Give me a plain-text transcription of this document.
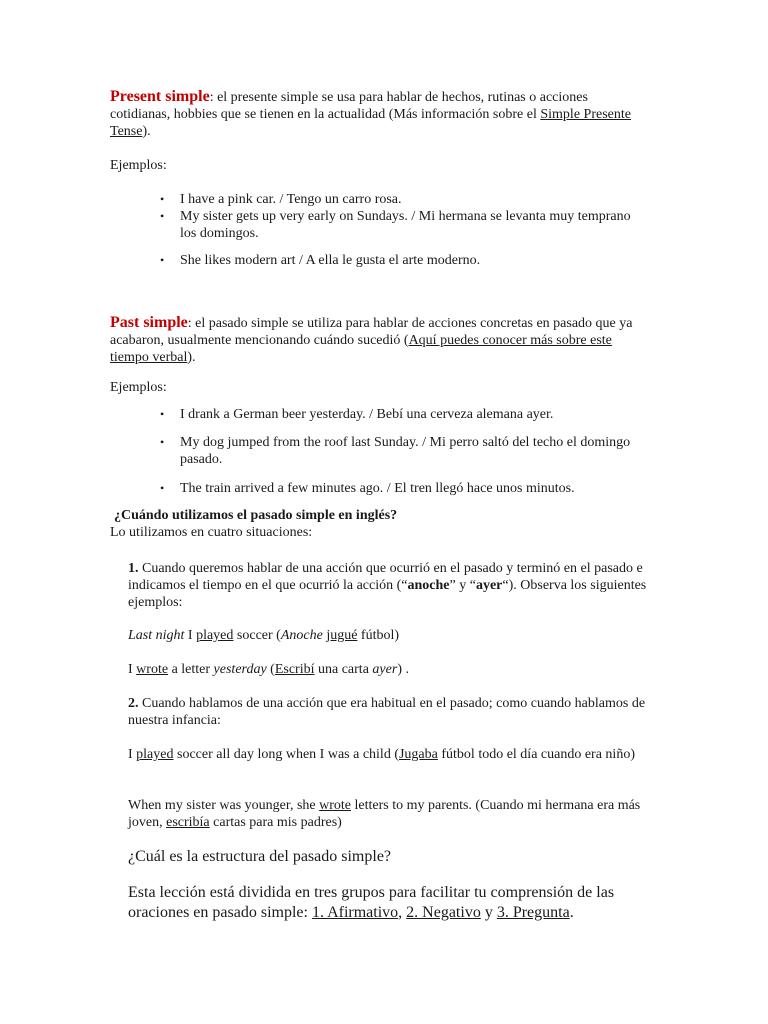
Present simple: el presente simple se usa para hablar de hechos, rutinas o acciones cotidianas, hobbies que se tienen en la actualidad (Más información sobre el Simple Presente Tense).

Ejemplos:

• I have a pink car. / Tengo un carro rosa.
• My sister gets up very early on Sundays. / Mi hermana se levanta muy temprano los domingos.
• She likes modern art / A ella le gusta el arte moderno.

Past simple: el pasado simple se utiliza para hablar de acciones concretas en pasado que ya acabaron, usualmente mencionando cuándo sucedió (Aquí puedes conocer más sobre este tiempo verbal).

Ejemplos:

• I drank a German beer yesterday. / Bebí una cerveza alemana ayer.
• My dog jumped from the roof last Sunday. / Mi perro saltó del techo el domingo pasado.
• The train arrived a few minutes ago. / El tren llegó hace unos minutos.

¿Cuándo utilizamos el pasado simple en inglés?

Lo utilizamos en cuatro situaciones:

1. Cuando queremos hablar de una acción que ocurrió en el pasado y terminó en el pasado e indicamos el tiempo en el que ocurrió la acción (“anoche” y “ayer“). Observa los siguientes ejemplos:

Last night I played soccer (Anoche jugué fútbol)

I wrote a letter yesterday (Escribí una carta ayer) .

2. Cuando hablamos de una acción que era habitual en el pasado; como cuando hablamos de nuestra infancia:

I played soccer all day long when I was a child (Jugaba fútbol todo el día cuando era niño)

When my sister was younger, she wrote letters to my parents. (Cuando mi hermana era más joven, escribía cartas para mis padres)

¿Cuál es la estructura del pasado simple?

Esta lección está dividida en tres grupos para facilitar tu comprensión de las oraciones en pasado simple: 1. Afirmativo, 2. Negativo y 3. Pregunta.
